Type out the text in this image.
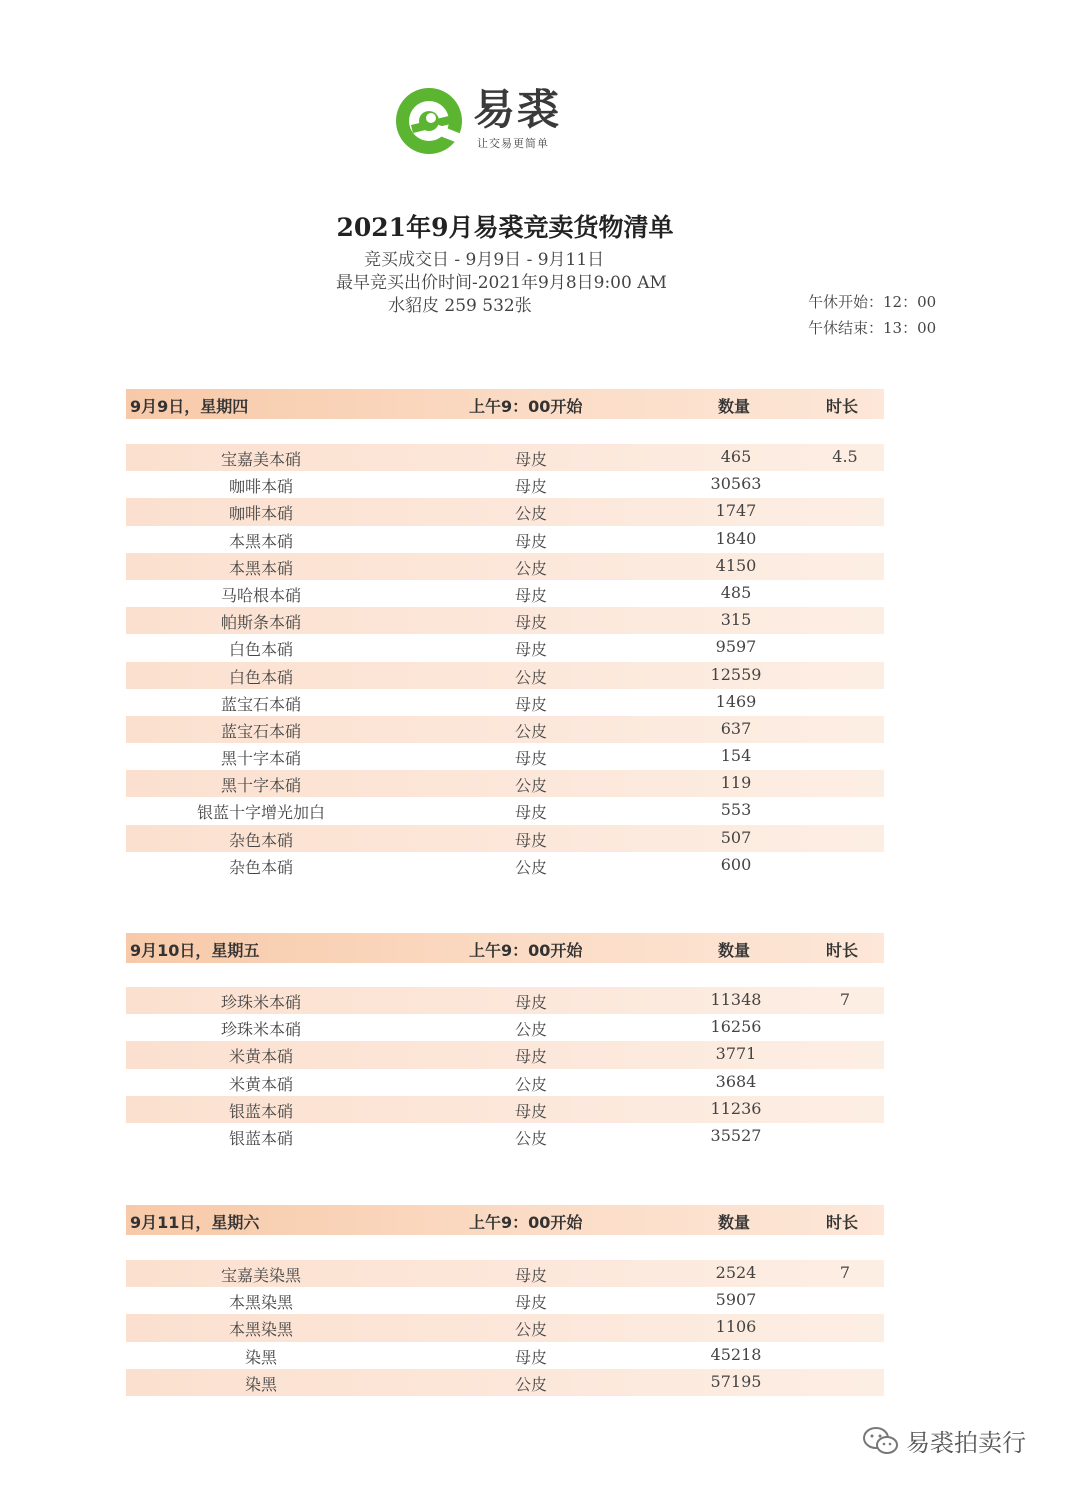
易裘
让交易更简单
2021年9月易裘竞卖货物清单
竞买成交日 - 9月9日 - 9月11日
最早竞买出价时间-2021年9月8日9:00 AM
水貂皮 259 532张	午休开始：12：00
午休结束：13：00
9月9日，星期四	上午9：00开始	数量	时长
宝嘉美本硝	母皮	465	4.5
咖啡本硝	母皮	30563
咖啡本硝	公皮	1747
本黑本硝	母皮	1840
本黑本硝	公皮	4150
马哈根本硝	母皮	485
帕斯条本硝	母皮	315
白色本硝	母皮	9597
白色本硝	公皮	12559
蓝宝石本硝	母皮	1469
蓝宝石本硝	公皮	637
黑十字本硝	母皮	154
黑十字本硝	公皮	119
银蓝十字增光加白	母皮	553
杂色本硝	母皮	507
杂色本硝	公皮	600
9月10日，星期五	上午9：00开始	数量	时长
珍珠米本硝	母皮	11348	7
珍珠米本硝	公皮	16256
米黄本硝	母皮	3771
米黄本硝	公皮	3684
银蓝本硝	母皮	11236
银蓝本硝	公皮	35527
9月11日，星期六	上午9：00开始	数量	时长
宝嘉美染黑	母皮	2524	7
本黑染黑	母皮	5907
本黑染黑	公皮	1106
染黑	母皮	45218
染黑	公皮	57195
易裘拍卖行
